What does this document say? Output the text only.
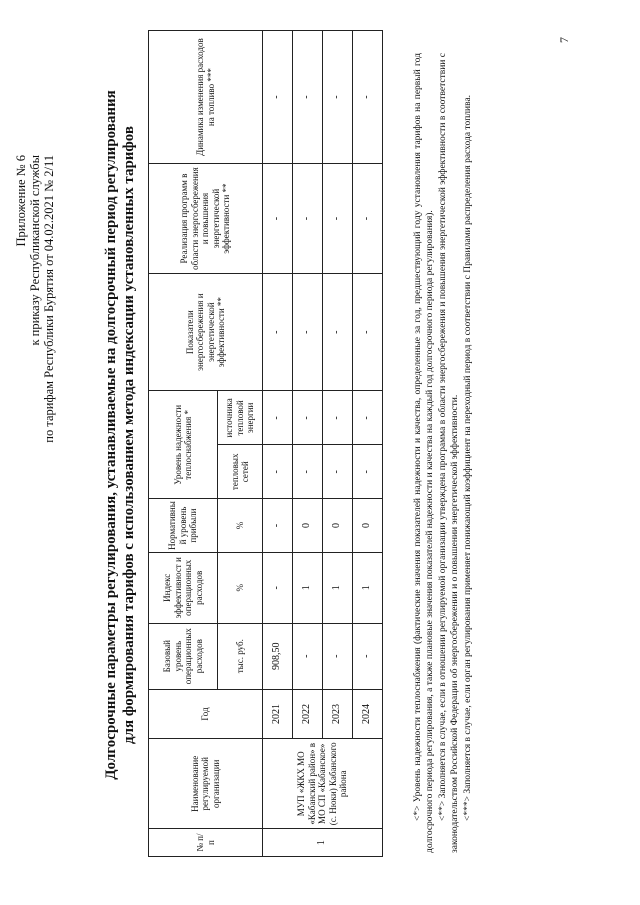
Приложение № 6 к приказу Республиканской службы по тарифам Республики Бурятия от 04.02.2021 № 2/11	Долгосрочные параметры регулирования, устанавливаемые на долгосрочный период регулирования для формирования тарифов с использованием метода индексации установленных тарифов
№ п/п	Наименование регулируемой организации	Год	Базовый уровень операционных расходов	Индекс эффективност и операционных расходов	Нормативны й уровень прибыли	Уровень надежности теплоснабжения *		Показатели энергосбережения и энергетической эффективности **	Реализация программ в области энергосбережения и повышения энергетической эффективности **	Динамика изменения расходов на топливо ***
						тепловых сетей	источника тепловой энергии			
			тыс. руб.	%	%					
1	МУП «ЖКХ МО «Кабанский район» в МО СП «Кабанское» (с. Нюки) Кабанского района	2021	908,50	-	-	-	-	-	-	-
		2022	-	1	0	-	-	-	-	-
		2023	-	1	0	-	-	-	-	-
		2024	-	1	0	-	-	-	-	-	<*> Уровень надежности теплоснабжения (фактические значения показателей надежности и качества, определенные за год, предшествующий году установления тарифов на первый год долгосрочного периода регулирования, а также плановые значения показателей надежности и качества на каждый год долгосрочного периода регулирования). <**> Заполняется в случае, если в отношении регулируемой организации утверждена программа в области энергосбережения и повышения энергетической эффективности в соответствии с законодательством Российской Федерации об энергосбережении и о повышении энергетической эффективности. <***> Заполняется в случае, если орган регулирования применяет понижающий коэффициент на переходный период в соответствии с Правилами распределения расхода топлива.

7
